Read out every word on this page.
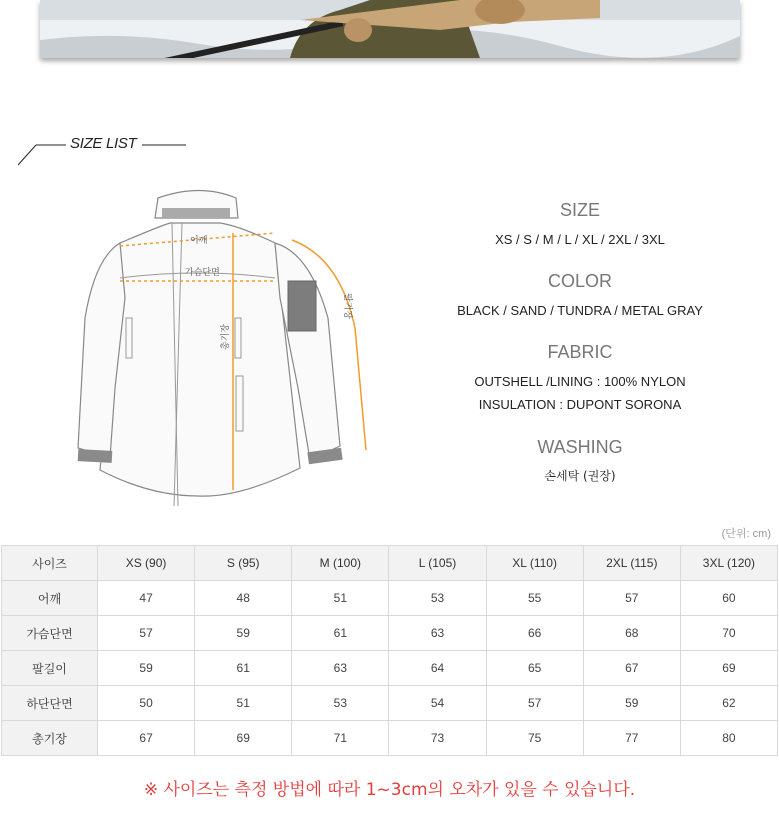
SIZE LIST
어깨
가슴단면
총기장
팔기장
SIZE
XS / S / M / L / XL / 2XL / 3XL
COLOR
BLACK / SAND / TUNDRA / METAL GRAY
FABRIC
OUTSHELL /LINING : 100% NYLON
INSULATION : DUPONT SORONA
WASHING
손세탁 (권장)
(단위: cm)
사이즈	XS (90)	S (95)	M (100)	L (105)	XL (110)	2XL (115)	3XL (120)
어깨	47	48	51	53	55	57	60
가슴단면	57	59	61	63	66	68	70
팔길이	59	61	63	64	65	67	69
하단단면	50	51	53	54	57	59	62
총기장	67	69	71	73	75	77	80
※ 사이즈는 측정 방법에 따라 1~3cm의 오차가 있을 수 있습니다.
